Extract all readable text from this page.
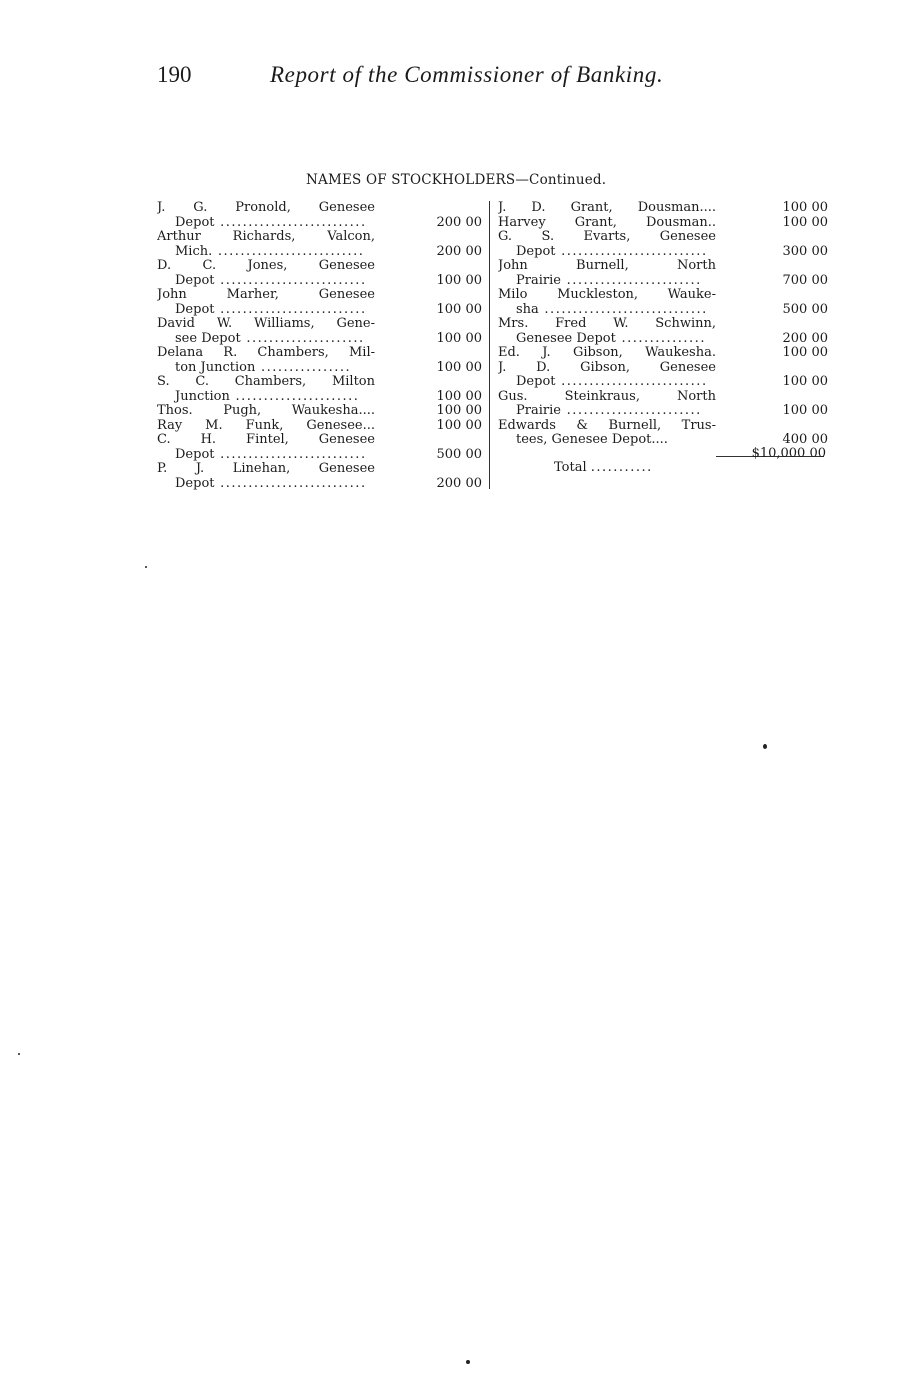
190	Report of the Commissioner of Banking.
NAMES OF STOCKHOLDERS—Continued.
J. G. Pronold, Genesee
Depot ..........................	200 00
Arthur Richards, Valcon,
Mich. ..........................	200 00
D. C. Jones, Genesee
Depot ..........................	100 00
John Marher, Genesee
Depot ..........................	100 00
David W. Williams, Gene-
see Depot .....................	100 00
Delana R. Chambers, Mil-
ton Junction ................	100 00
S. C. Chambers, Milton
Junction ......................	100 00
Thos. Pugh, Waukesha....	100 00
Ray M. Funk, Genesee...	100 00
C. H. Fintel, Genesee
Depot ..........................	500 00
P. J. Linehan, Genesee
Depot ..........................	200 00
J. D. Grant, Dousman....	100 00
Harvey Grant, Dousman..	100 00
G. S. Evarts, Genesee
Depot ..........................	300 00
John Burnell, North
Prairie ........................	700 00
Milo Muckleston, Wauke-
sha .............................	500 00
Mrs. Fred W. Schwinn,
Genesee Depot ...............	200 00
Ed. J. Gibson, Waukesha.	100 00
J. D. Gibson, Genesee
Depot ..........................	100 00
Gus. Steinkraus, North
Prairie ........................	100 00
Edwards & Burnell, Trus-
tees, Genesee Depot....	400 00
Total ...........
$10,000 00
